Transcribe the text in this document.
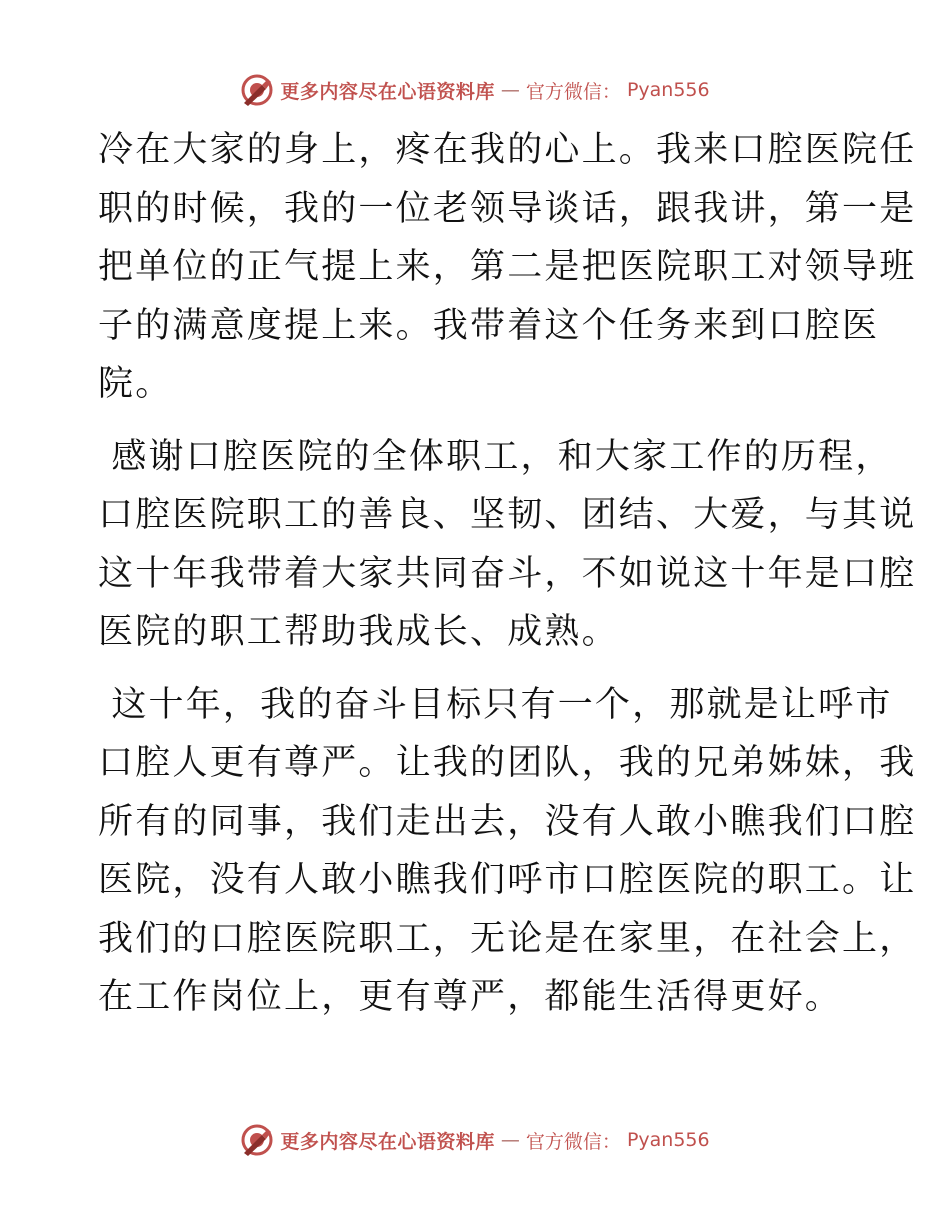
更多内容尽在心语资料库 — 官方微信： Pyan556
冷在大家的身上，疼在我的心上。我来口腔医院任
职的时候，我的一位老领导谈话，跟我讲，第一是
把单位的正气提上来，第二是把医院职工对领导班
子的满意度提上来。我带着这个任务来到口腔医
院。
感谢口腔医院的全体职工，和大家工作的历程，
口腔医院职工的善良、坚韧、团结、大爱，与其说
这十年我带着大家共同奋斗，不如说这十年是口腔
医院的职工帮助我成长、成熟。
这十年，我的奋斗目标只有一个，那就是让呼市
口腔人更有尊严。让我的团队，我的兄弟姊妹，我
所有的同事，我们走出去，没有人敢小瞧我们口腔
医院，没有人敢小瞧我们呼市口腔医院的职工。让
我们的口腔医院职工，无论是在家里，在社会上，
在工作岗位上，更有尊严，都能生活得更好。
更多内容尽在心语资料库 — 官方微信： Pyan556
